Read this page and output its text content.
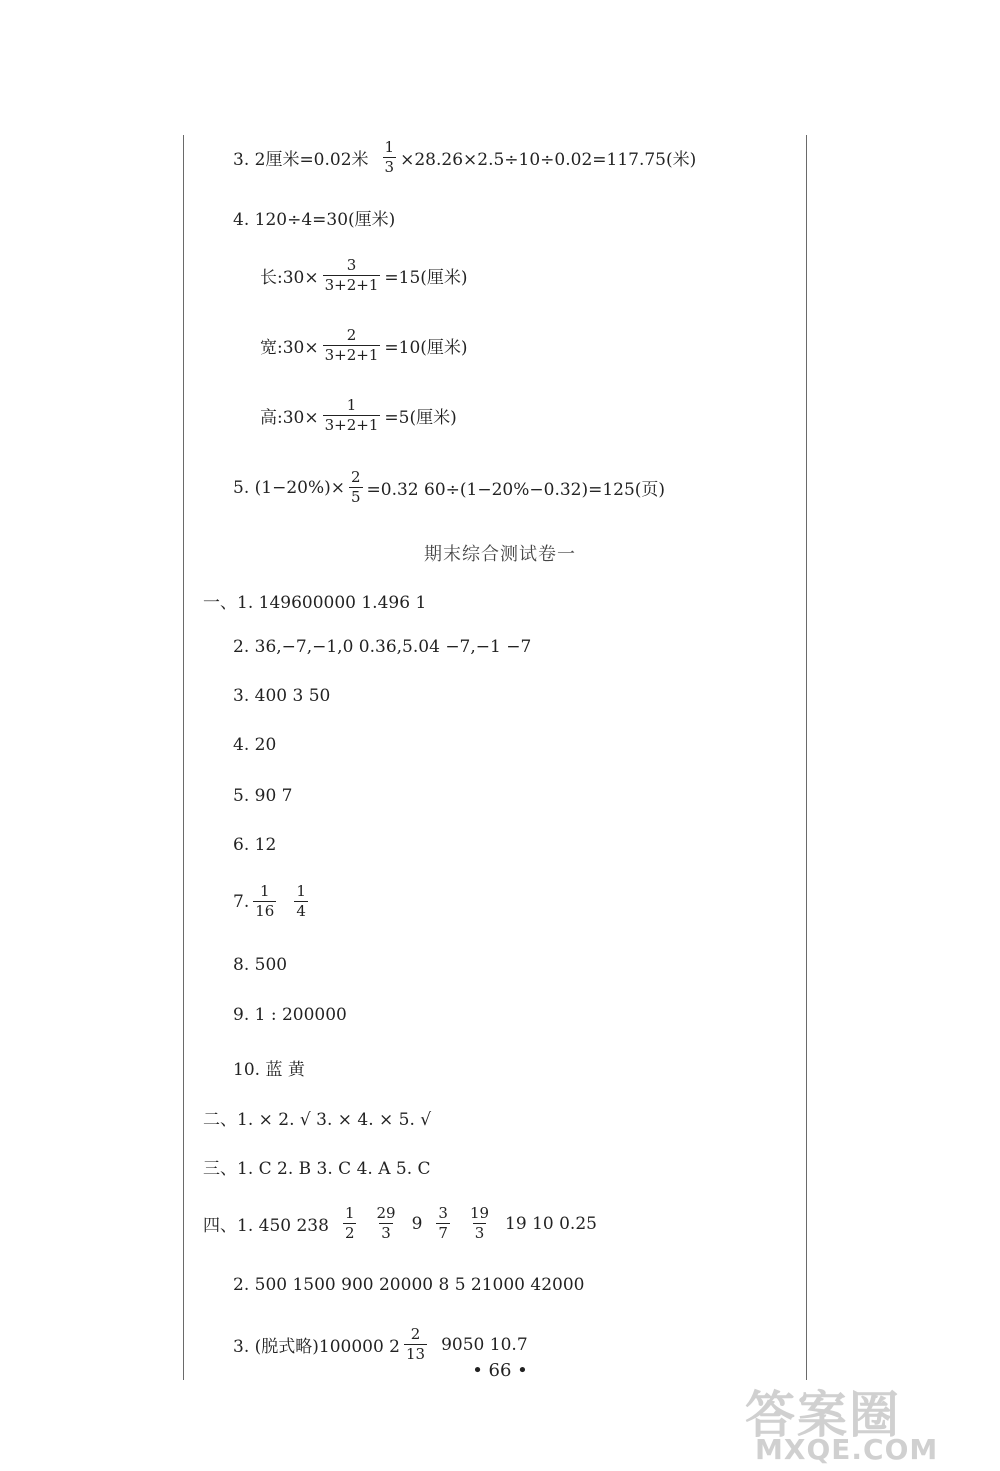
3. 2厘米=0.02米 $\frac{1}{3} \times 28.26\times 2.5\div 10\div 0.02=117.75$(米)
4. 120÷4=30(厘米)
长:30× $\frac{3}{3+2+1} =15$(厘米)
宽:30× $\frac{2}{3+2+1} =10$(厘米)
高:30× $\frac{1}{3+2+1} =5$(厘米)
5. $(1-20\%)\times \frac{2}{5} =0.32$ 60÷(1−20%−0.32)=125(页)
期末综合测试卷一
一、1. 149600000 1.496 1
2. 36,−7,−1,0 0.36,5.04 −7,−1 −7
3. 400 3 50
4. 20
5. 90 7
6. 12
7. $\frac{1}{16} \frac{1}{4}$
8. 500
9. 1 : 200000
10. 蓝 黄
二、1. × 2. √ 3. × 4. × 5. √
三、1. C 2. B 3. C 4. A 5. C
四、1. 450 $238 \frac{1}{2} \frac{29}{3} 9 \frac{3}{7} \frac{19}{3} 19$ 10 0.25
2. 500 1500 900 20000 8 5 21000 42000
3. (脱式略)100000 $2 \frac{2}{13} 9050$ 10.7
• 66 •
答案圈
MXQE.COM
